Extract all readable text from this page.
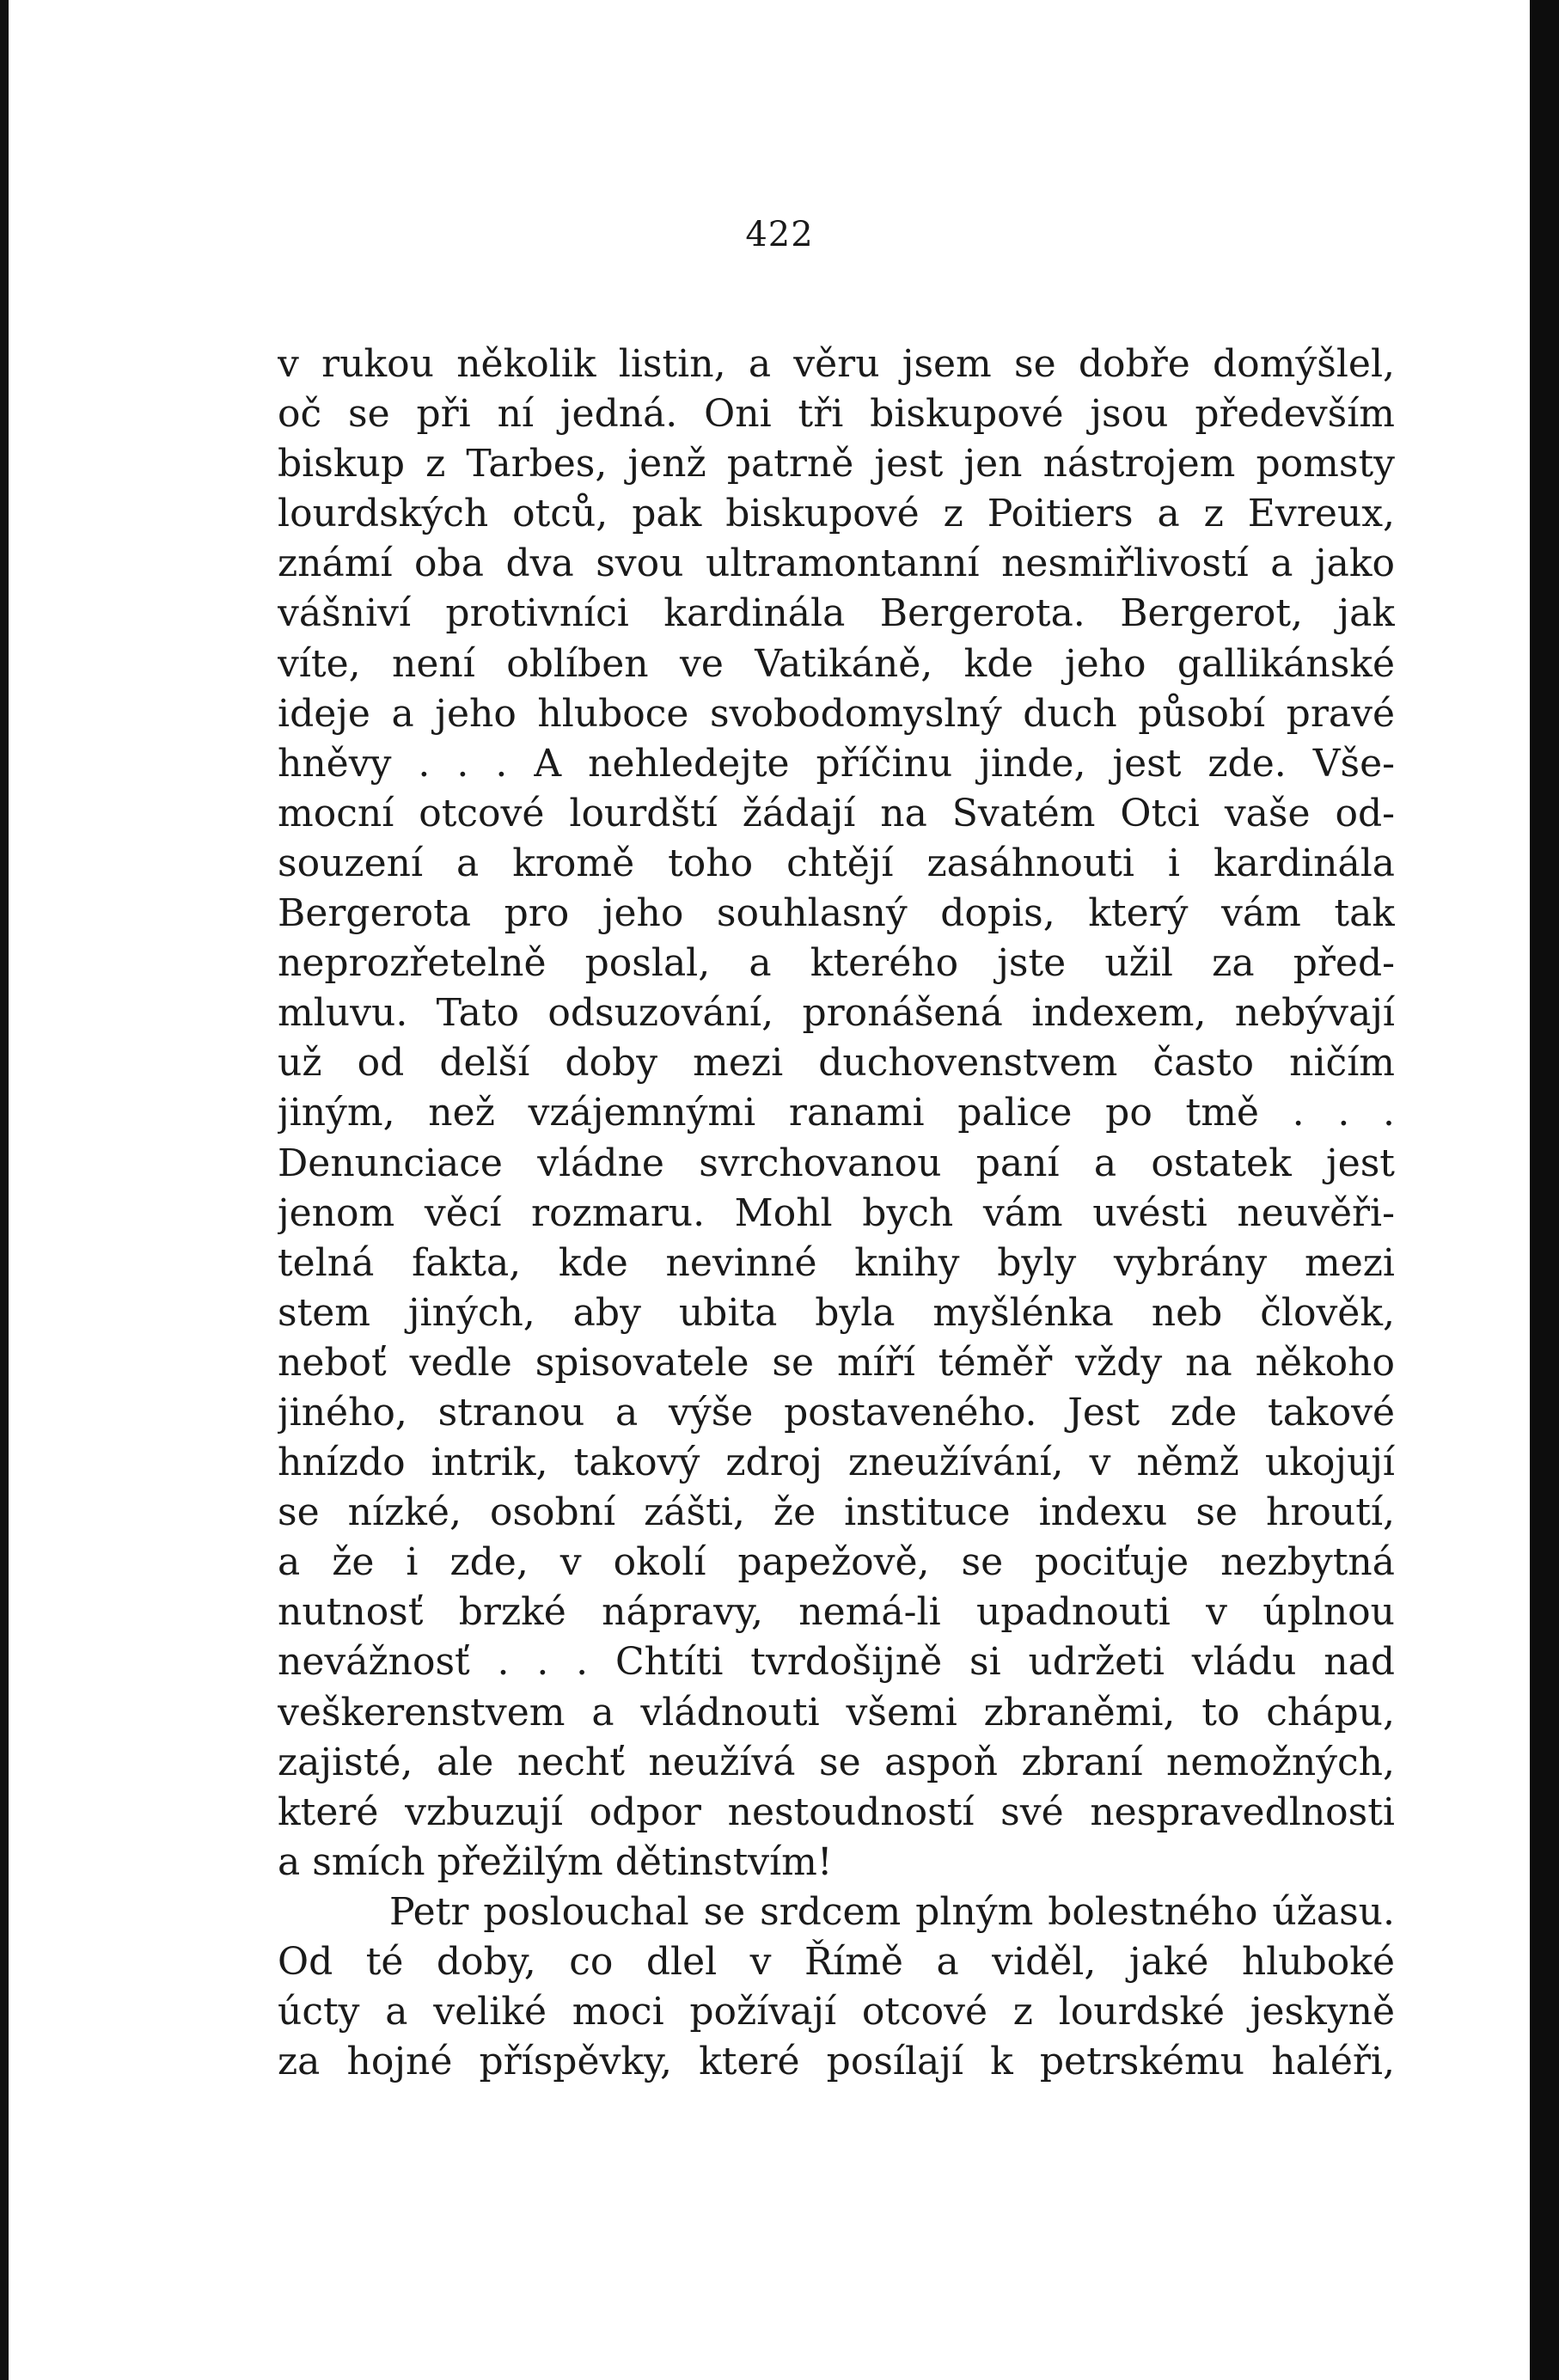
422
v rukou několik listin, a věru jsem se dobře domýšlel,
oč se při ní jedná. Oni tři biskupové jsou především
biskup z Tarbes, jenž patrně jest jen nástrojem pomsty
lourdských otců, pak biskupové z Poitiers a z Evreux,
známí oba dva svou ultramontanní nesmiřlivostí a jako
vášniví protivníci kardinála Bergerota. Bergerot, jak
víte, není oblíben ve Vatikáně, kde jeho gallikánské
ideje a jeho hluboce svobodomyslný duch působí pravé
hněvy . . . A nehledejte příčinu jinde, jest zde. Vše-
mocní otcové lourdští žádají na Svatém Otci vaše od-
souzení a kromě toho chtějí zasáhnouti i kardinála
Bergerota pro jeho souhlasný dopis, který vám tak
neprozřetelně poslal, a kterého jste užil za před-
mluvu. Tato odsuzování, pronášená indexem, nebývají
už od delší doby mezi duchovenstvem často ničím
jiným, než vzájemnými ranami palice po tmě . . .
Denunciace vládne svrchovanou paní a ostatek jest
jenom věcí rozmaru. Mohl bych vám uvésti neuvěři-
telná fakta, kde nevinné knihy byly vybrány mezi
stem jiných, aby ubita byla myšlénka neb člověk,
neboť vedle spisovatele se míří téměř vždy na někoho
jiného, stranou a výše postaveného. Jest zde takové
hnízdo intrik, takový zdroj zneužívání, v němž ukojují
se nízké, osobní zášti, že instituce indexu se hroutí,
a že i zde, v okolí papežově, se pociťuje nezbytná
nutnosť brzké nápravy, nemá-li upadnouti v úplnou
nevážnosť . . . Chtíti tvrdošijně si udržeti vládu nad
veškerenstvem a vládnouti všemi zbraněmi, to chápu,
zajisté, ale nechť neužívá se aspoň zbraní nemožných,
které vzbuzují odpor nestoudností své nespravedlnosti
a smích přežilým dětinstvím!
Petr poslouchal se srdcem plným bolestného úžasu.
Od té doby, co dlel v Římě a viděl, jaké hluboké
úcty a veliké moci požívají otcové z lourdské jeskyně
za hojné příspěvky, které posílají k petrskému haléři,
